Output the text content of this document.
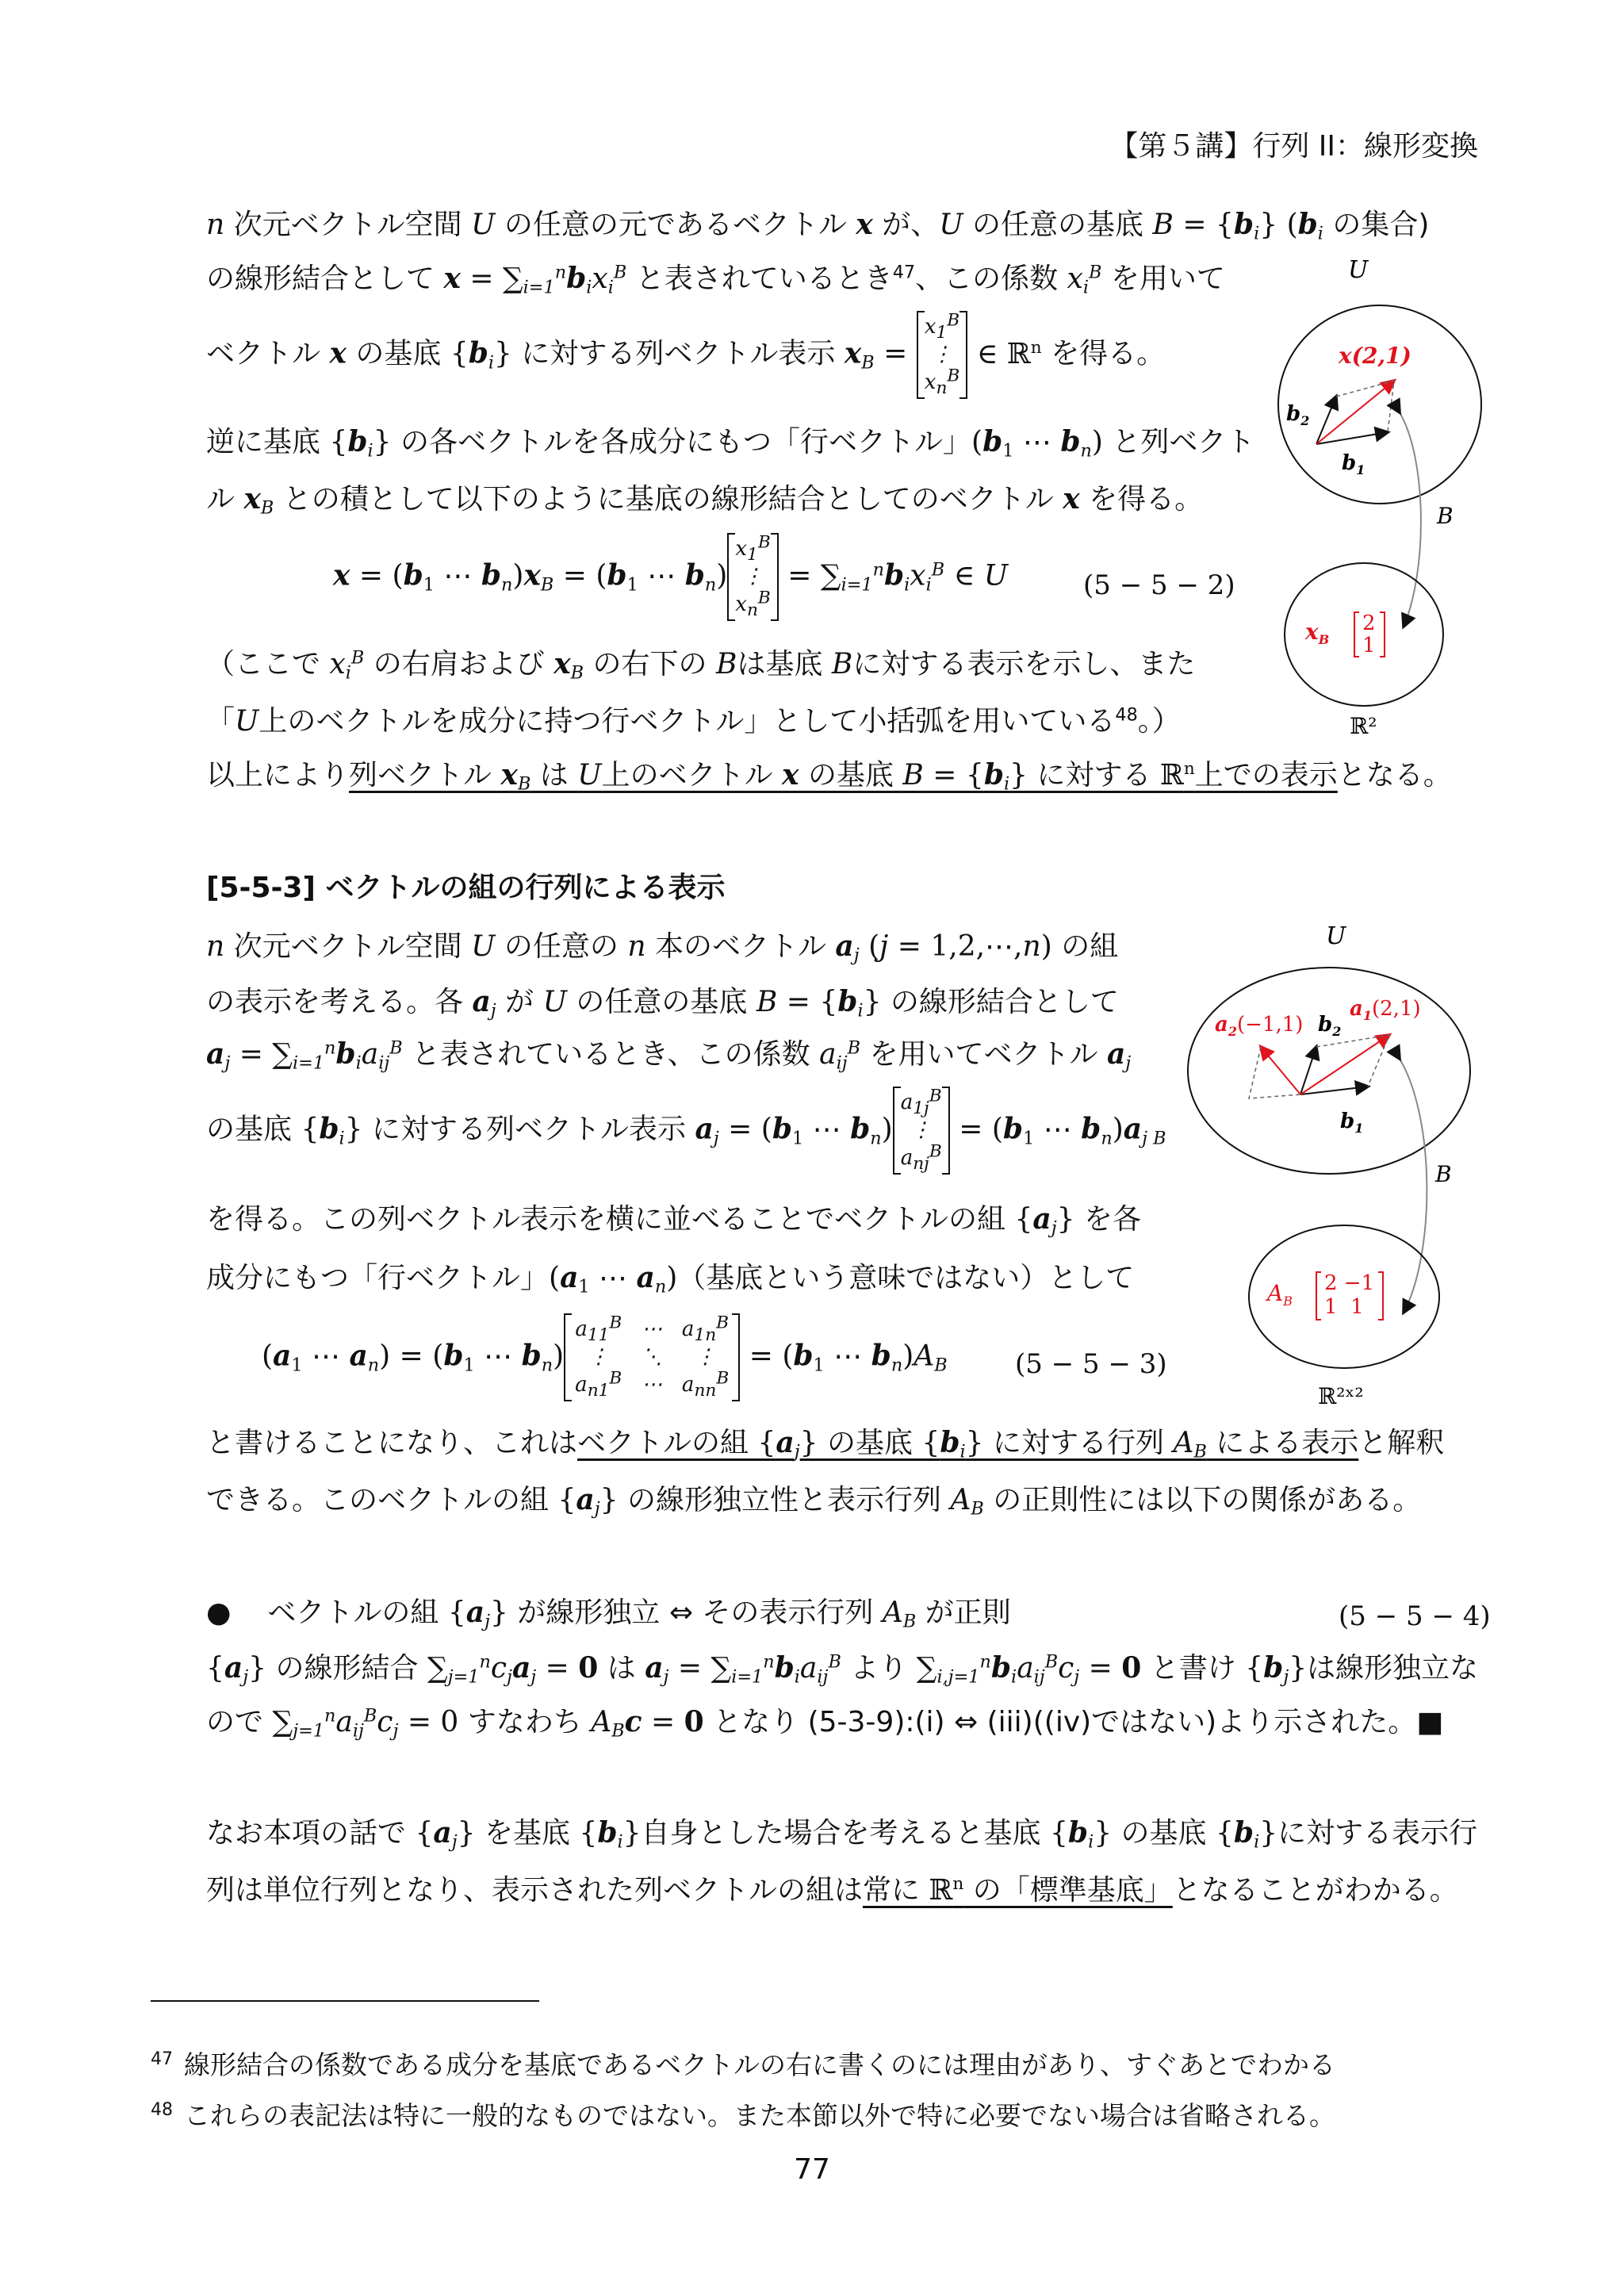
【第５講】行列 II：線形変換
n 次元ベクトル空間 U の任意の元であるベクトル x が、U の任意の基底 $B = \{b_i\}$ ($b_i$ の集合)
の線形結合として $x = \sum_{i=1}^nb_ix_i^B$ と表されているとき$^{47}$、この係数 $x_i^B$ を用いて
ベクトル x の基底 $\{b_i\}$ に対する列ベクトル表示 $x_B = x_1^B$
⋮
$x_n^B$ ∈ ℝ$^n$ を得る。
逆に基底 $\{b_i\}$ の各ベクトルを各成分にもつ「行ベクトル」($b_1$ ⋯ $b_n$) と列ベクト
ル $x_B$ との積として以下のように基底の線形結合としてのベクトル x を得る。
$x = (b_1$ ⋯ $b_n)x_B = (b_1$ ⋯ $b_n)x_1^B$
⋮
$x_n^B = \sum_{i=1}^nb_ix_i^B$ ∈ U	(5 − 5 − 2)
（ここで $x_i^B$ の右肩および $x_B$ の右下の Bは基底 Bに対する表示を示し、また
「U上のベクトルを成分に持つ行ベクトル」として小括弧を用いている$^{48}$。）
以上により列ベクトル $x_B$ は U上のベクトル x の基底 $B = \{b_i\}$ に対する ℝ$^n$上での表示となる。
[5-5-3] ベクトルの組の行列による表示
n 次元ベクトル空間 U の任意の n 本のベクトル $a_j$ (j = 1,2,⋯,n) の組
の表示を考える。各 $a_j$ が U の任意の基底 $B = \{b_i\}$ の線形結合として
$a_j = \sum_{i=1}^nb_ia_{ij}^B$ と表されているとき、この係数 $a_{ij}^B$ を用いてベクトル $a_j$
の基底 $\{b_i\}$ に対する列ベクトル表示 $a_j = (b_1$ ⋯ $b_n)a_{1j}^B$
⋮
$a_{nj}^B = (b_1$ ⋯ $b_n)a_{j B}$
を得る。この列ベクトル表示を横に並べることでベクトルの組 $\{a_j\}$ を各
成分にもつ「行ベクトル」($a_1$ ⋯ $a_n$)（基底という意味ではない）として
($a_1$ ⋯ $a_n) = (b_1$ ⋯ $b_n)a_{11}^B$   ⋯   $a_{1n}^B$
⋮     ⋱     ⋮
$a_{n1}^B$   ⋯   $a_{nn}^B = (b_1$ ⋯ $b_n)A_B$	(5 − 5 − 3)
と書けることになり、これはベクトルの組 $\{a_j\}$ の基底 $\{b_i\}$ に対する行列 $A_B$ による表示と解釈
できる。このベクトルの組 $\{a_j\}$ の線形独立性と表示行列 $A_B$ の正則性には以下の関係がある。
● ベクトルの組 $\{a_j\}$ が線形独立 ⇔ その表示行列 $A_B$ が正則	(5 − 5 − 4)
$\{a_j\}$ の線形結合 $\sum_{j=1}^nc_ja_j = 0$ は $a_j = \sum_{i=1}^nb_ia_{ij}^B$ より $\sum_{i,j=1}^nb_ia_{ij}^Bc_j = 0$ と書け $\{b_j\}$は線形独立な
ので $\sum_{j=1}^na_{ij}^Bc_j = 0$ すなわち $A_Bc = 0$ となり (5-3-9):(i) ⇔ (iii)((iv)ではない)より示された。■
なお本項の話で $\{a_j\}$ を基底 $\{b_i\}$自身とした場合を考えると基底 $\{b_i\}$ の基底 $\{b_i\}$に対する表示行
列は単位行列となり、表示された列ベクトルの組は常に ℝ$^n$ の「標準基底」となることがわかる。
$^{47}$ 線形結合の係数である成分を基底であるベクトルの右に書くのには理由があり、すぐあとでわかる
$^{48}$ これらの表記法は特に一般的なものではない。また本節以外で特に必要でない場合は省略される。
77
U
x(2,1)
$b_2$
$b_1$
B
$x_B$
2
1
ℝ²
U
$a_2(-1,1)$
$a_1(2,1)$
$b_2$
$b_1$
B
$A_B$
2 −1
1  1
ℝ²ˣ²
